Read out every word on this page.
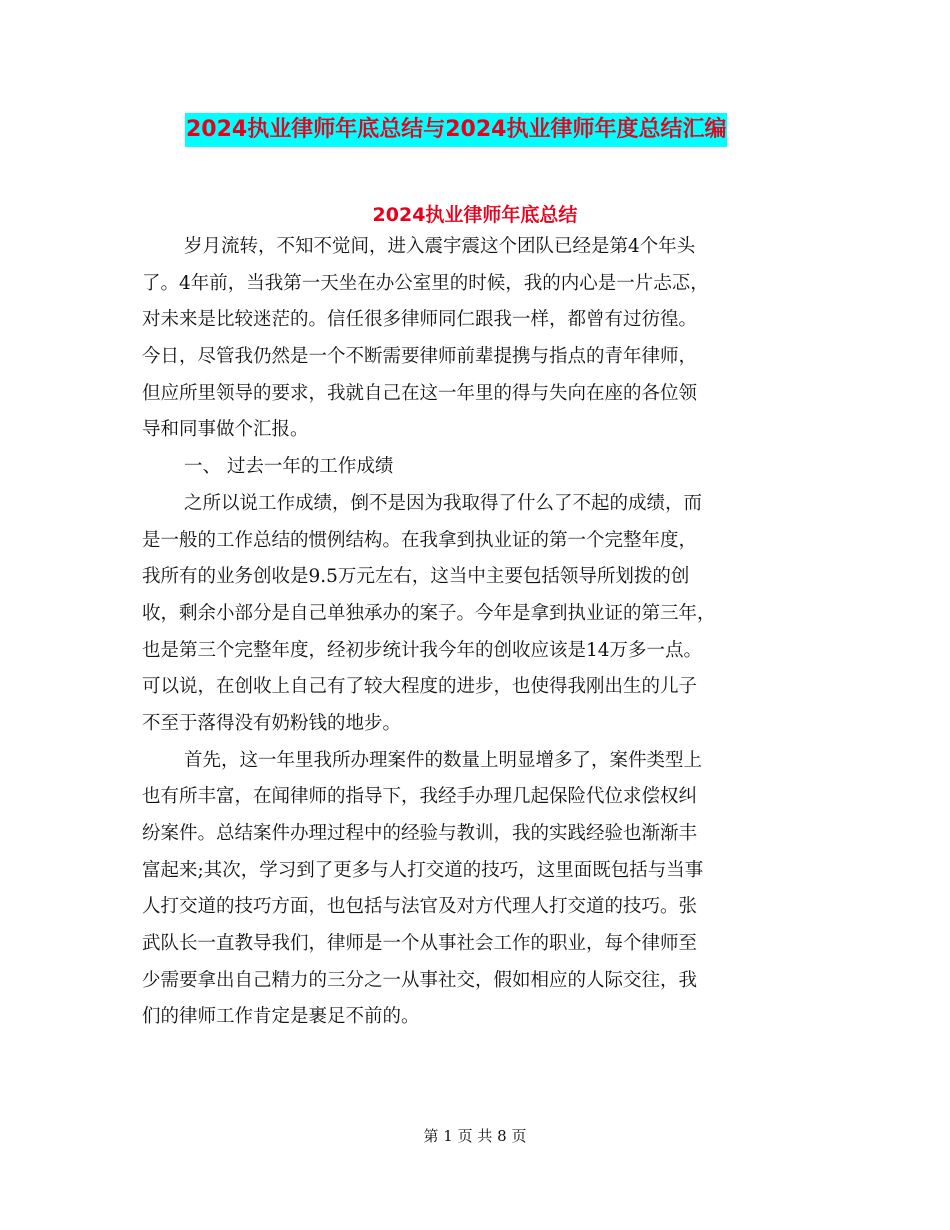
2024执业律师年底总结与2024执业律师年度总结汇编
2024执业律师年底总结
岁月流转，不知不觉间，进入震宇震这个团队已经是第4个年头
了。4年前，当我第一天坐在办公室里的时候，我的内心是一片忐忑，
对未来是比较迷茫的。信任很多律师同仁跟我一样，都曾有过彷徨。
今日，尽管我仍然是一个不断需要律师前辈提携与指点的青年律师，
但应所里领导的要求，我就自己在这一年里的得与失向在座的各位领
导和同事做个汇报。
一、 过去一年的工作成绩
之所以说工作成绩，倒不是因为我取得了什么了不起的成绩，而
是一般的工作总结的惯例结构。在我拿到执业证的第一个完整年度，
我所有的业务创收是9.5万元左右，这当中主要包括领导所划拨的创
收，剩余小部分是自己单独承办的案子。今年是拿到执业证的第三年，
也是第三个完整年度，经初步统计我今年的创收应该是14万多一点。
可以说，在创收上自己有了较大程度的进步，也使得我刚出生的儿子
不至于落得没有奶粉钱的地步。
首先，这一年里我所办理案件的数量上明显增多了，案件类型上
也有所丰富，在闻律师的指导下，我经手办理几起保险代位求偿权纠
纷案件。总结案件办理过程中的经验与教训，我的实践经验也渐渐丰
富起来;其次，学习到了更多与人打交道的技巧，这里面既包括与当事
人打交道的技巧方面，也包括与法官及对方代理人打交道的技巧。张
武队长一直教导我们，律师是一个从事社会工作的职业，每个律师至
少需要拿出自己精力的三分之一从事社交，假如相应的人际交往，我
们的律师工作肯定是裹足不前的。
第 1 页 共 8 页
